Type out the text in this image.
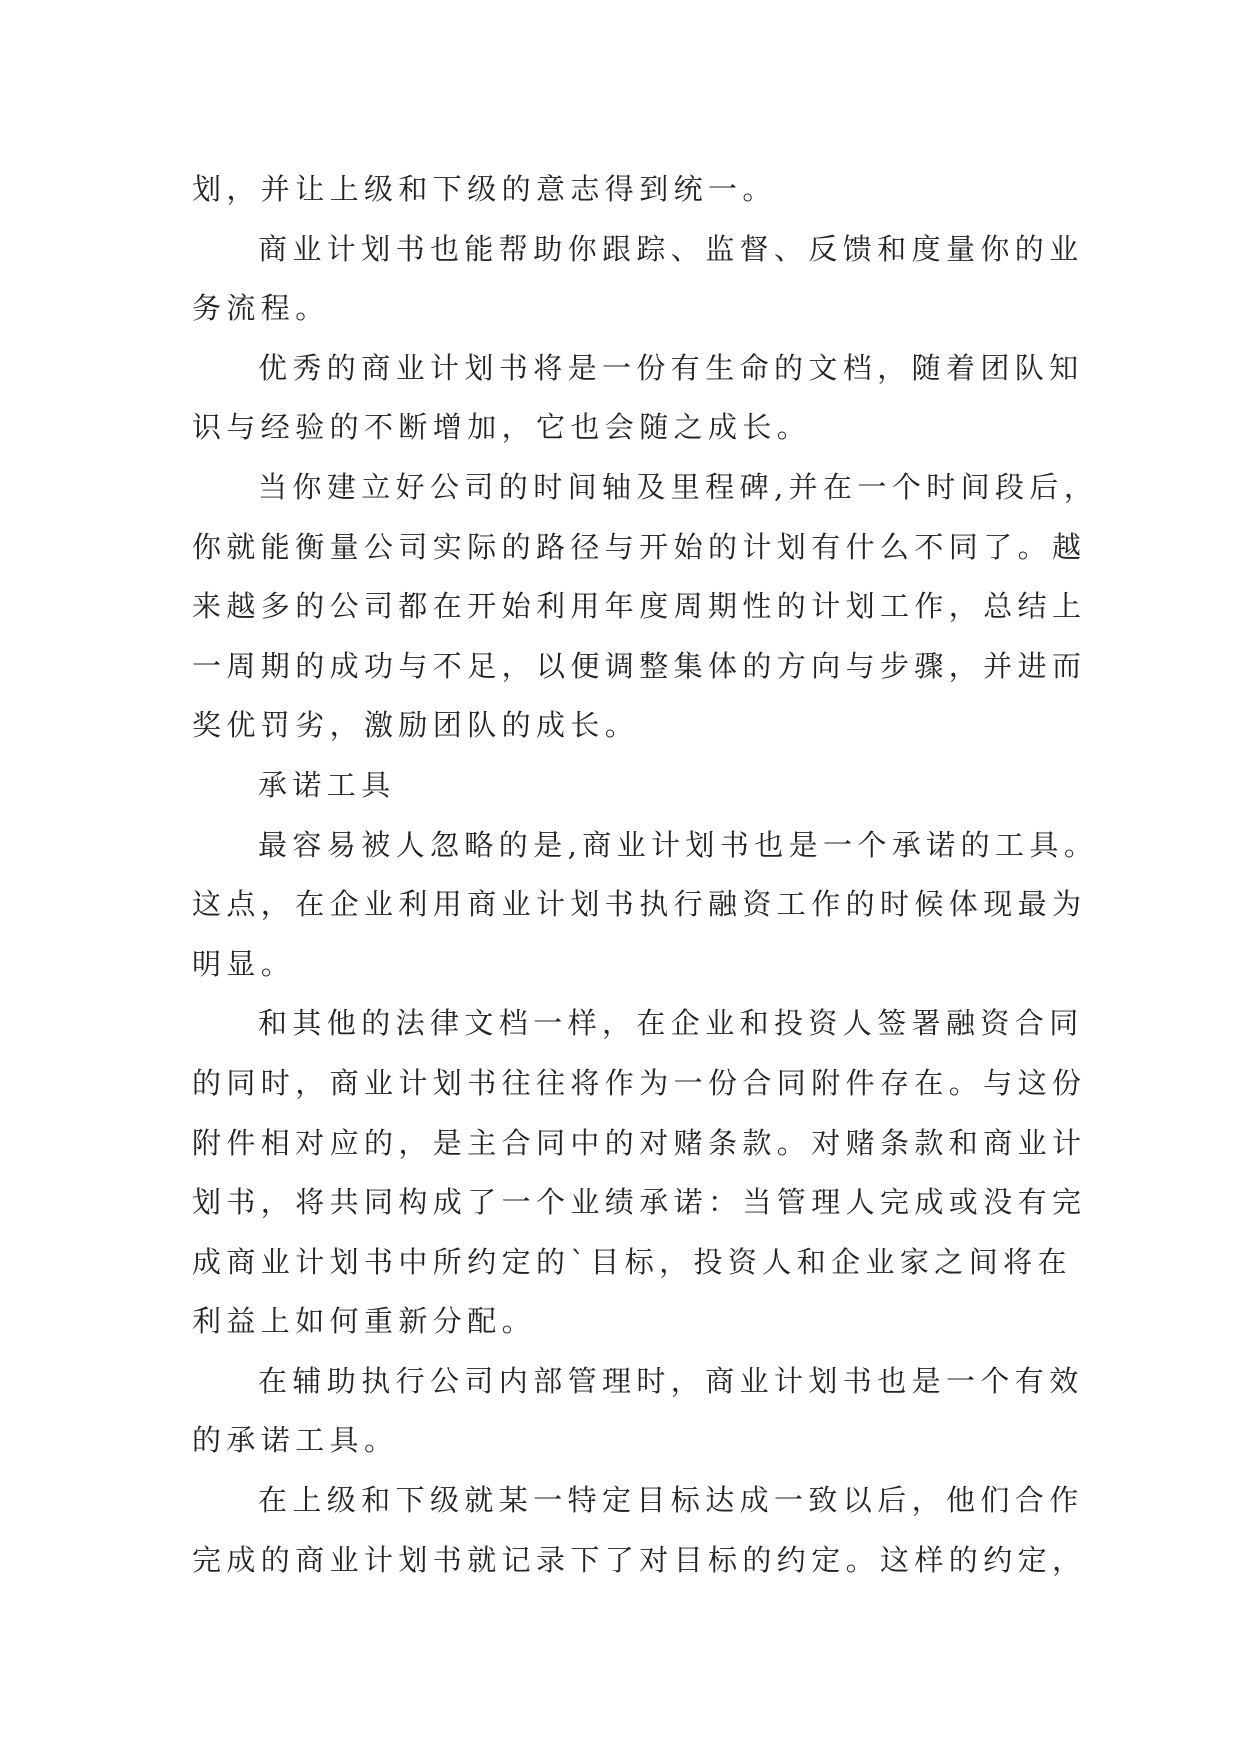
划，并让上级和下级的意志得到统一。
商业计划书也能帮助你跟踪、监督、反馈和度量你的业
务流程。
优秀的商业计划书将是一份有生命的文档，随着团队知
识与经验的不断增加，它也会随之成长。
当你建立好公司的时间轴及里程碑,并在一个时间段后，
你就能衡量公司实际的路径与开始的计划有什么不同了。越
来越多的公司都在开始利用年度周期性的计划工作，总结上
一周期的成功与不足，以便调整集体的方向与步骤，并进而
奖优罚劣，激励团队的成长。
承诺工具
最容易被人忽略的是,商业计划书也是一个承诺的工具。
这点，在企业利用商业计划书执行融资工作的时候体现最为
明显。
和其他的法律文档一样，在企业和投资人签署融资合同
的同时，商业计划书往往将作为一份合同附件存在。与这份
附件相对应的，是主合同中的对赌条款。对赌条款和商业计
划书，将共同构成了一个业绩承诺：当管理人完成或没有完
成商业计划书中所约定的`目标，投资人和企业家之间将在
利益上如何重新分配。
在辅助执行公司内部管理时，商业计划书也是一个有效
的承诺工具。
在上级和下级就某一特定目标达成一致以后，他们合作
完成的商业计划书就记录下了对目标的约定。这样的约定，
